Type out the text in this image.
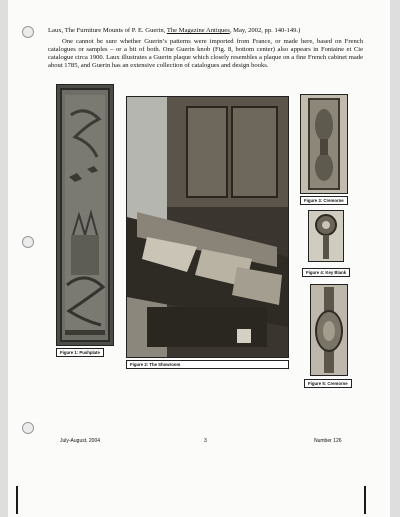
Laux, The Furniture Mounts of P. E. Guerin, The Magazine Antiques, May, 2002, pp. 140-149.)
One cannot be sure whether Guerin’s patterns were imported from France, or made here, based on French catalogues or samples – or a bit of both. One Guerin knob (Fig. 8, bottom center) also appears in Fontaine et Cie catalogue circa 1900. Laux illustrates a Guerin plaque which closely resembles a plaque on a fine French cabinet made about 1785, and Guerin has an extensive collection of catalogues and design books.
Figure 1: Pushplate
Figure 2: The Showroom
Figure 3: Cremorne
Figure 4: Key Blank
Figure 5: Cremorne
July-August, 2004	3	Number 126
